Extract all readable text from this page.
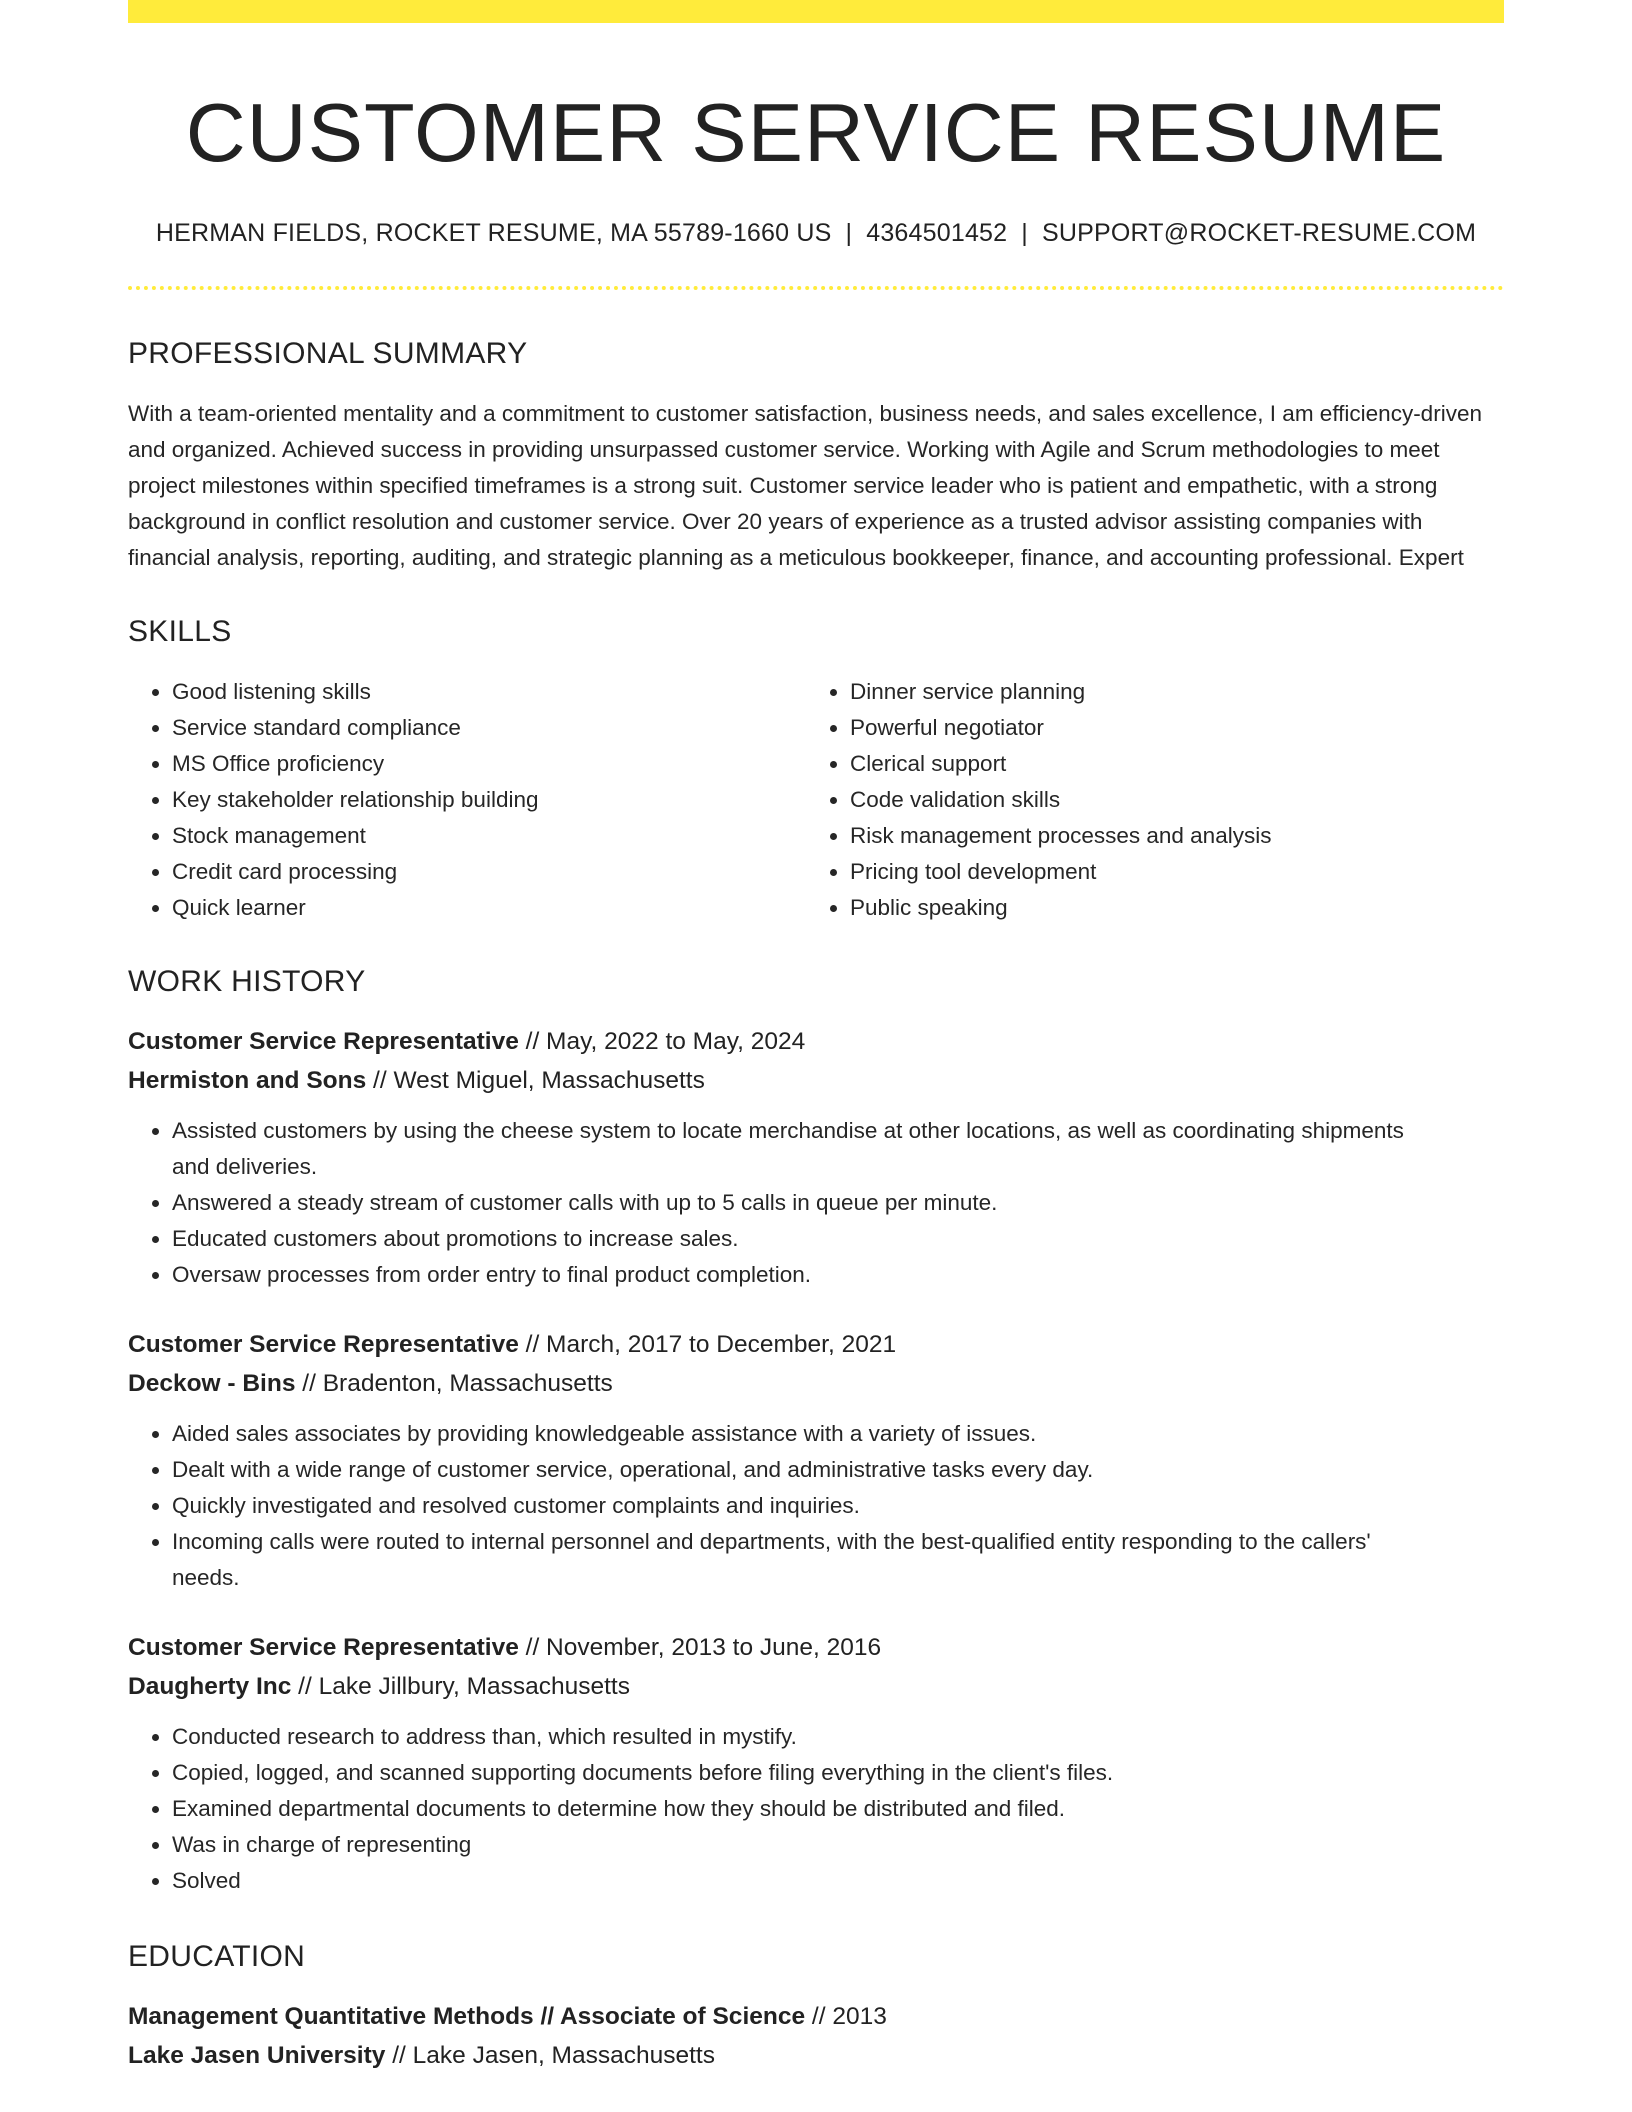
CUSTOMER SERVICE RESUME
HERMAN FIELDS, ROCKET RESUME, MA 55789-1660 US | 4364501452 | SUPPORT@ROCKET-RESUME.COM
PROFESSIONAL SUMMARY
With a team-oriented mentality and a commitment to customer satisfaction, business needs, and sales excellence, I am efficiency-driven and organized. Achieved success in providing unsurpassed customer service. Working with Agile and Scrum methodologies to meet project milestones within specified timeframes is a strong suit. Customer service leader who is patient and empathetic, with a strong background in conflict resolution and customer service. Over 20 years of experience as a trusted advisor assisting companies with financial analysis, reporting, auditing, and strategic planning as a meticulous bookkeeper, finance, and accounting professional. Expert
SKILLS
• Good listening skills
• Service standard compliance
• MS Office proficiency
• Key stakeholder relationship building
• Stock management
• Credit card processing
• Quick learner
• Dinner service planning
• Powerful negotiator
• Clerical support
• Code validation skills
• Risk management processes and analysis
• Pricing tool development
• Public speaking
WORK HISTORY
Customer Service Representative // May, 2022 to May, 2024
Hermiston and Sons // West Miguel, Massachusetts
• Assisted customers by using the cheese system to locate merchandise at other locations, as well as coordinating shipments and deliveries.
• Answered a steady stream of customer calls with up to 5 calls in queue per minute.
• Educated customers about promotions to increase sales.
• Oversaw processes from order entry to final product completion.
Customer Service Representative // March, 2017 to December, 2021
Deckow - Bins // Bradenton, Massachusetts
• Aided sales associates by providing knowledgeable assistance with a variety of issues.
• Dealt with a wide range of customer service, operational, and administrative tasks every day.
• Quickly investigated and resolved customer complaints and inquiries.
• Incoming calls were routed to internal personnel and departments, with the best-qualified entity responding to the callers' needs.
Customer Service Representative // November, 2013 to June, 2016
Daugherty Inc // Lake Jillbury, Massachusetts
• Conducted research to address than, which resulted in mystify.
• Copied, logged, and scanned supporting documents before filing everything in the client's files.
• Examined departmental documents to determine how they should be distributed and filed.
• Was in charge of representing
• Solved
EDUCATION
Management Quantitative Methods // Associate of Science // 2013
Lake Jasen University // Lake Jasen, Massachusetts
